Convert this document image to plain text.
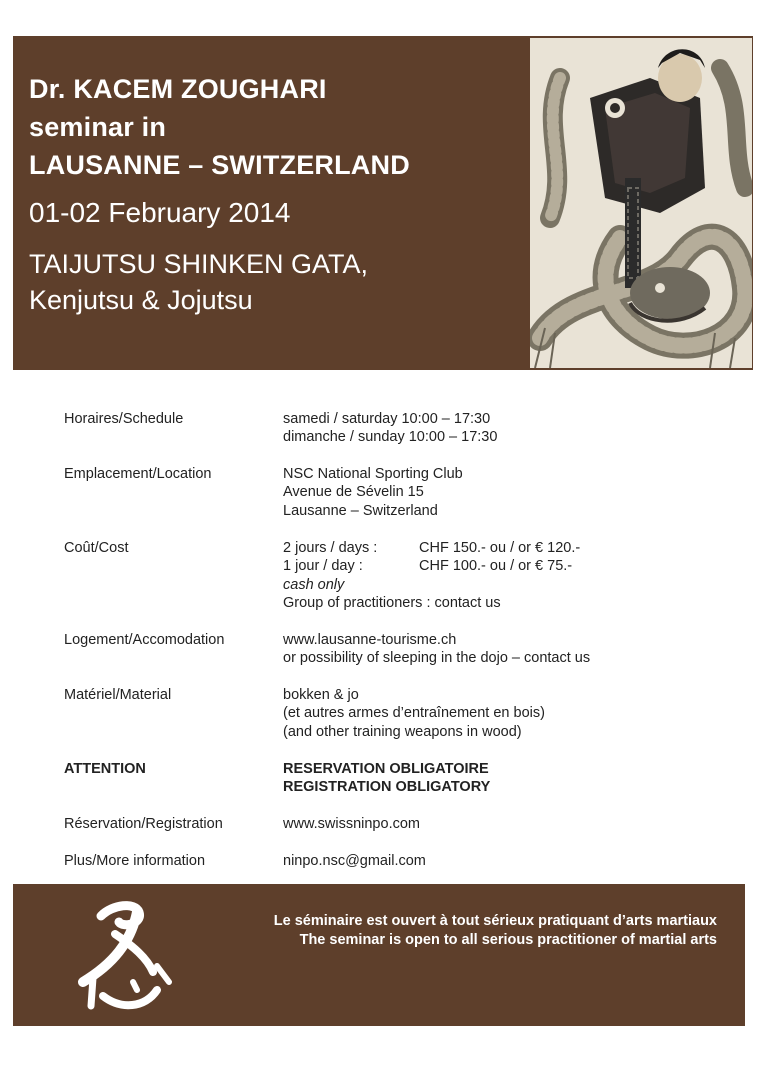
Dr. KACEM ZOUGHARI
seminar in
LAUSANNE – SWITZERLAND
01-02 February 2014
TAIJUTSU SHINKEN GATA,
Kenjutsu & Jojutsu
Horaires/Schedule	samedi / saturday 10:00 – 17:30
dimanche / sunday 10:00 – 17:30
Emplacement/Location	NSC National Sporting Club
Avenue de Sévelin 15
Lausanne – Switzerland
Coût/Cost	2 jours / days :	CHF 150.- ou / or € 120.-
1 jour / day :	CHF 100.- ou / or € 75.-
cash only
Group of practitioners : contact us
Logement/Accomodation	www.lausanne-tourisme.ch
or possibility of sleeping in the dojo – contact us
Matériel/Material	bokken & jo
(et autres armes d’entraînement en bois)
(and other training weapons in wood)
ATTENTION	RESERVATION OBLIGATOIRE
REGISTRATION OBLIGATORY
Réservation/Registration	www.swissninpo.com
Plus/More information	ninpo.nsc@gmail.com
Le séminaire est ouvert à tout sérieux pratiquant d’arts martiaux
The seminar is open to all serious practitioner of martial arts
